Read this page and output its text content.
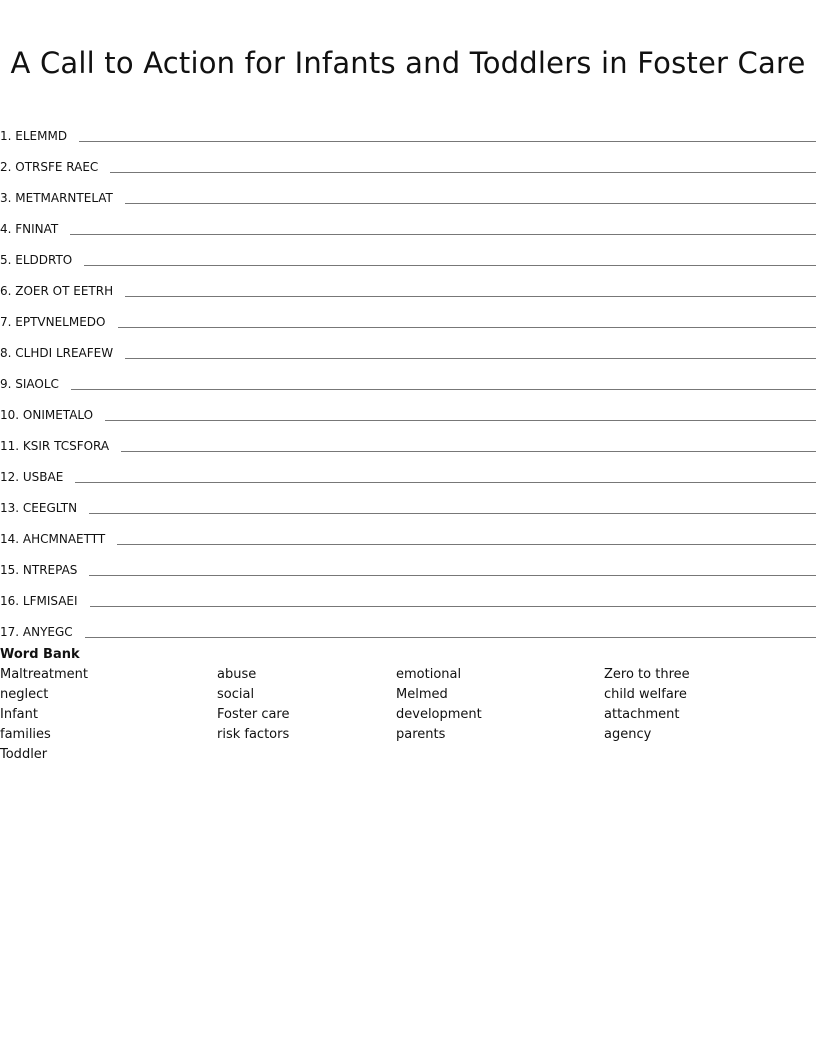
A Call to Action for Infants and Toddlers in Foster Care
1. ELEMMD
2. OTRSFE RAEC
3. METMARNTELAT
4. FNINAT
5. ELDDRTO
6. ZOER OT EETRH
7. EPTVNELMEDO
8. CLHDI LREAFEW
9. SIAOLC
10. ONIMETALO
11. KSIR TCSFORA
12. USBAE
13. CEEGLTN
14. AHCMNAETTT
15. NTREPAS
16. LFMISAEI
17. ANYEGC
Word Bank
Maltreatment
neglect
Infant
families
Toddler
abuse
social
Foster care
risk factors
emotional
Melmed
development
parents
Zero to three
child welfare
attachment
agency
